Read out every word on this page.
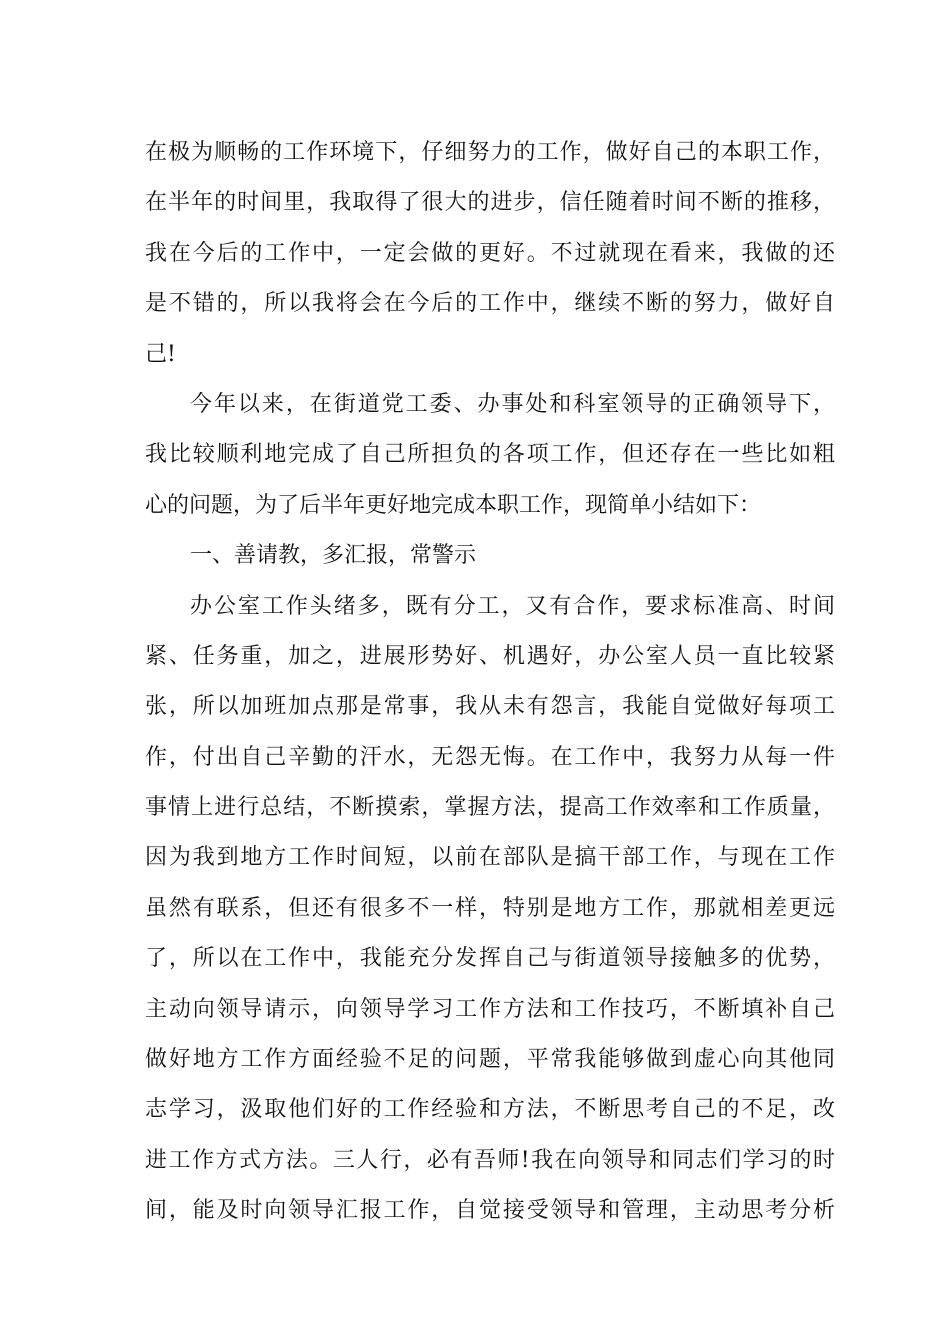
在极为顺畅的工作环境下，仔细努力的工作，做好自己的本职工作，
在半年的时间里，我取得了很大的进步，信任随着时间不断的推移，
我在今后的工作中，一定会做的更好。不过就现在看来，我做的还
是不错的，所以我将会在今后的工作中，继续不断的努力，做好自
己!
今年以来，在街道党工委、办事处和科室领导的正确领导下，
我比较顺利地完成了自己所担负的各项工作，但还存在一些比如粗
心的问题，为了后半年更好地完成本职工作，现简单小结如下：
一、善请教，多汇报，常警示
办公室工作头绪多，既有分工，又有合作，要求标准高、时间
紧、任务重，加之，进展形势好、机遇好，办公室人员一直比较紧
张，所以加班加点那是常事，我从未有怨言，我能自觉做好每项工
作，付出自己辛勤的汗水，无怨无悔。在工作中，我努力从每一件
事情上进行总结，不断摸索，掌握方法，提高工作效率和工作质量，
因为我到地方工作时间短，以前在部队是搞干部工作，与现在工作
虽然有联系，但还有很多不一样，特别是地方工作，那就相差更远
了，所以在工作中，我能充分发挥自己与街道领导接触多的优势，
主动向领导请示，向领导学习工作方法和工作技巧，不断填补自己
做好地方工作方面经验不足的问题，平常我能够做到虚心向其他同
志学习，汲取他们好的工作经验和方法，不断思考自己的不足，改
进工作方式方法。三人行，必有吾师!我在向领导和同志们学习的时
间，能及时向领导汇报工作，自觉接受领导和管理，主动思考分析
